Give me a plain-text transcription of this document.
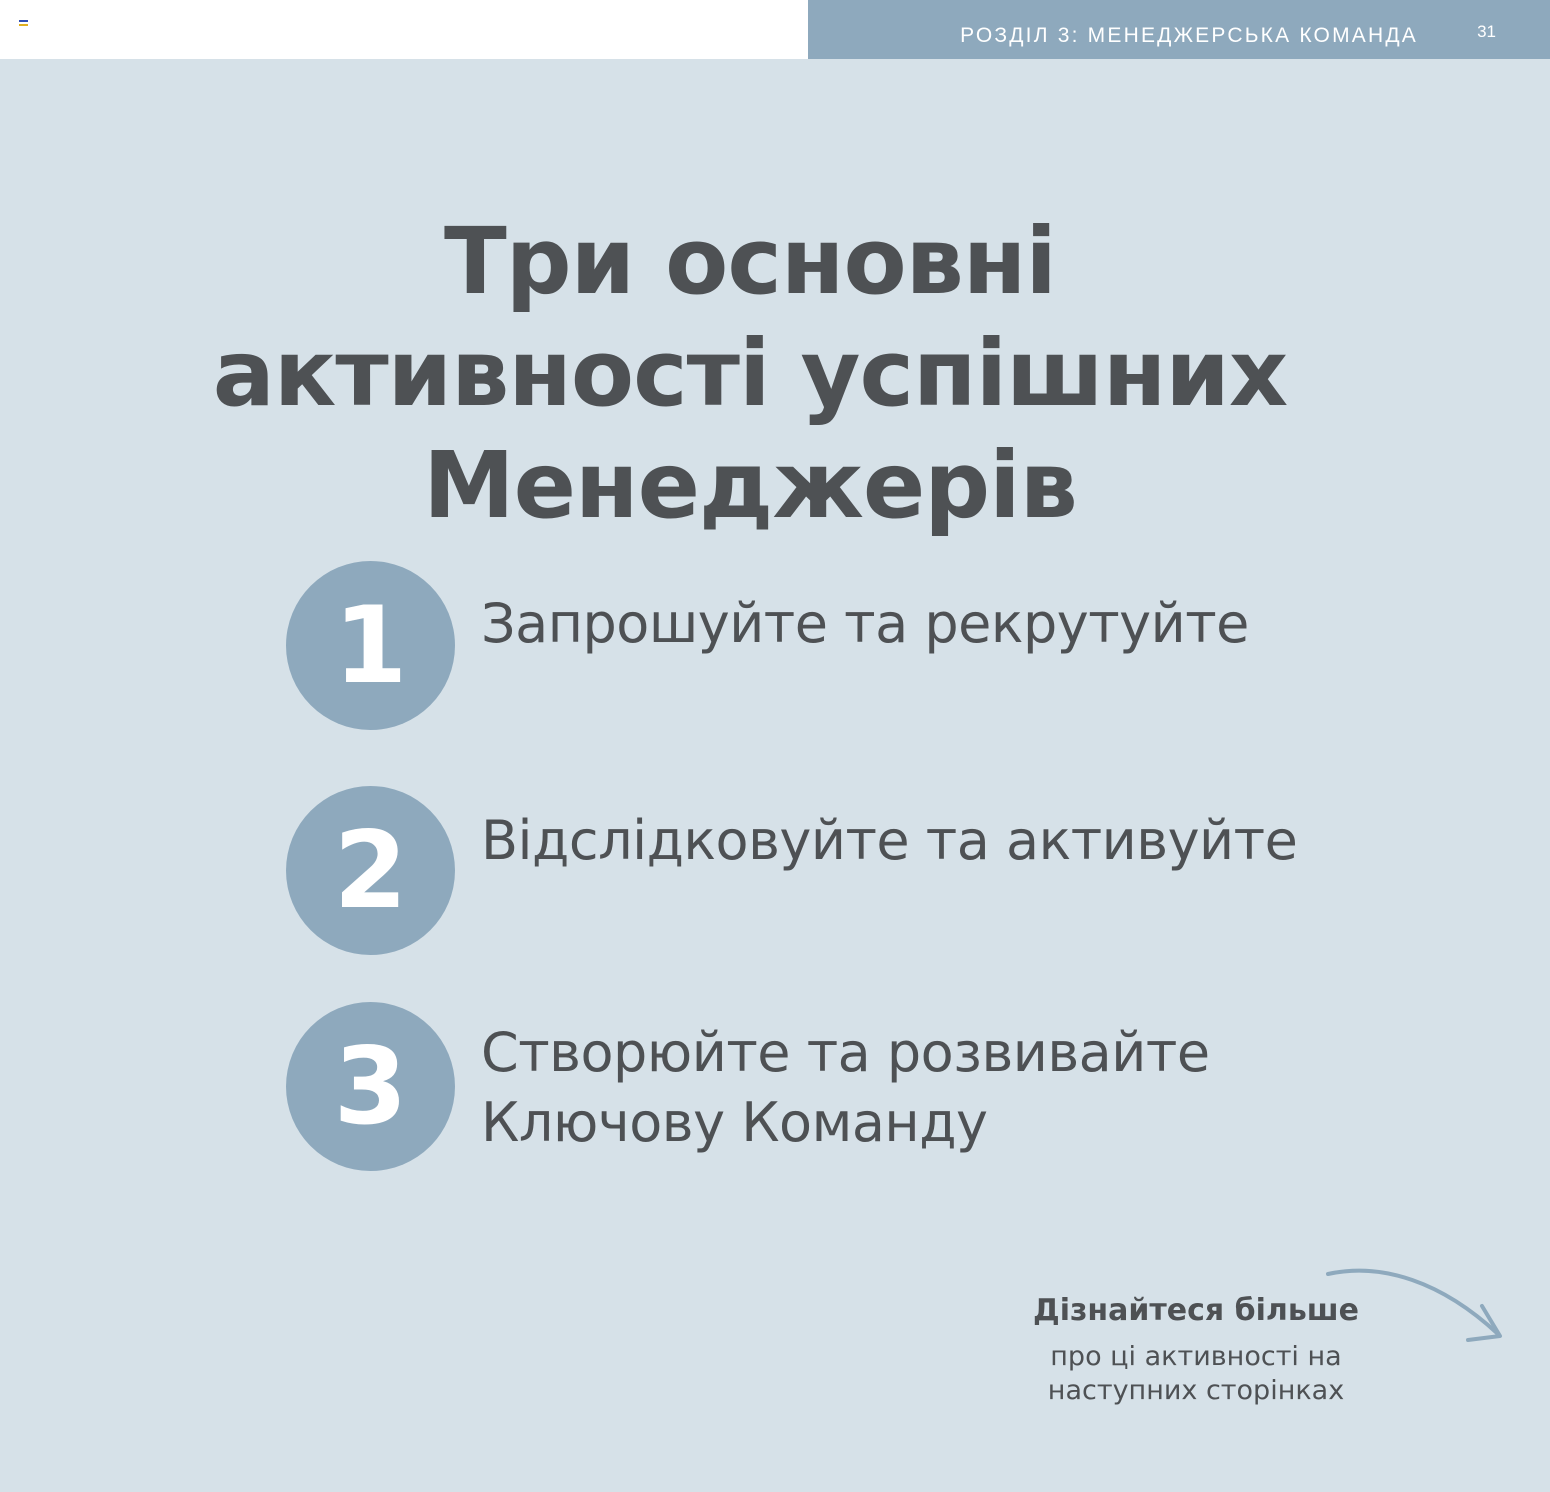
РОЗДІЛ 3: МЕНЕДЖЕРСЬКА КОМАНДА	31
Три основні
активності успішних
Менеджерів
1	Запрошуйте та рекрутуйте
2	Відслідковуйте та активуйте
3	Створюйте та розвивайте
Ключову Команду
Дізнайтеся більше
про ці активності на
наступних сторінках
